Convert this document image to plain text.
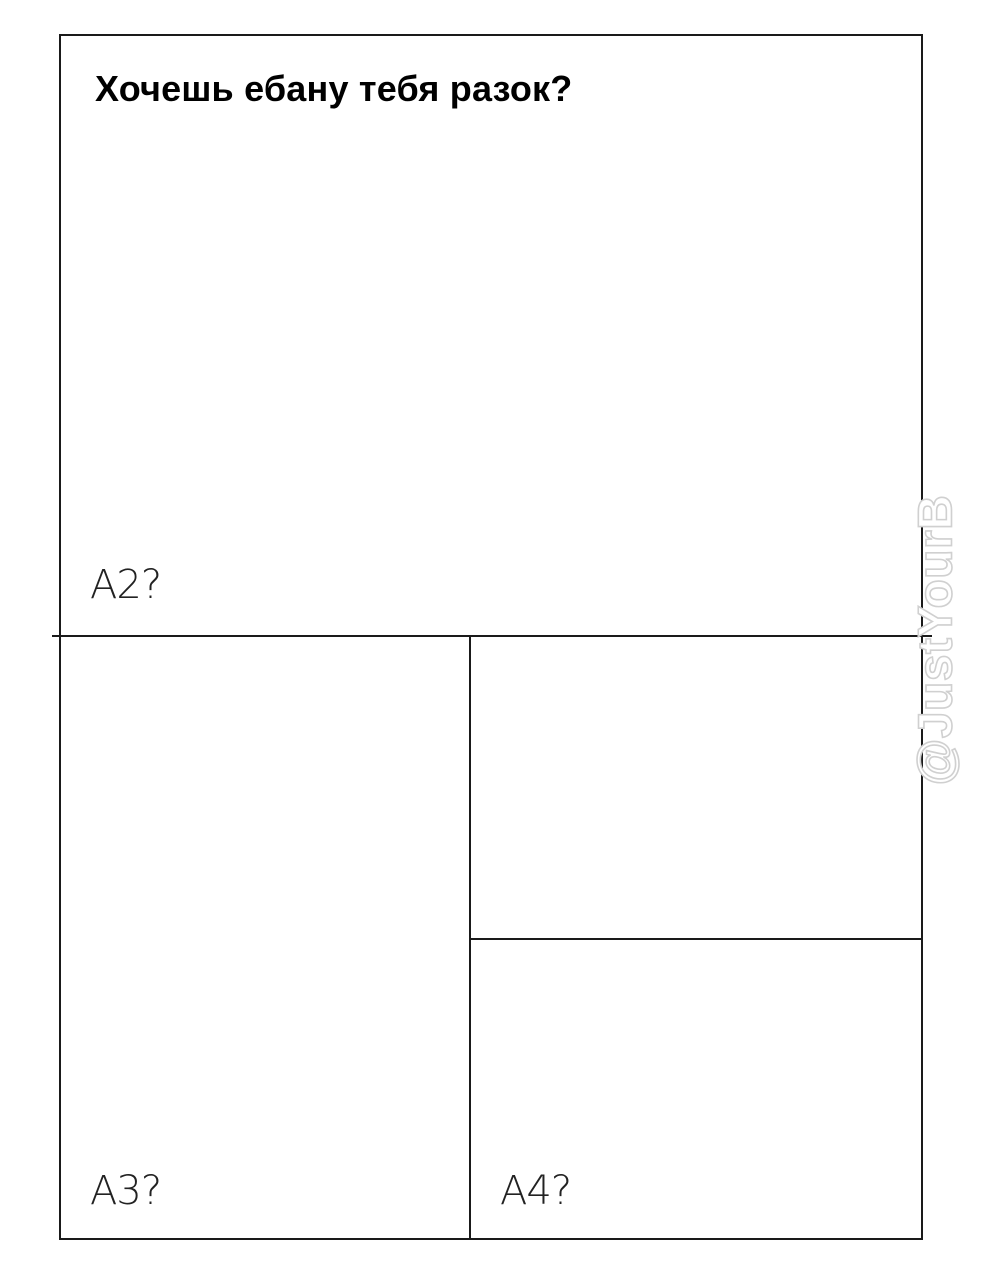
Хочешь ебану тебя разок?
A2?
A3?	A4?
@JustYourB
